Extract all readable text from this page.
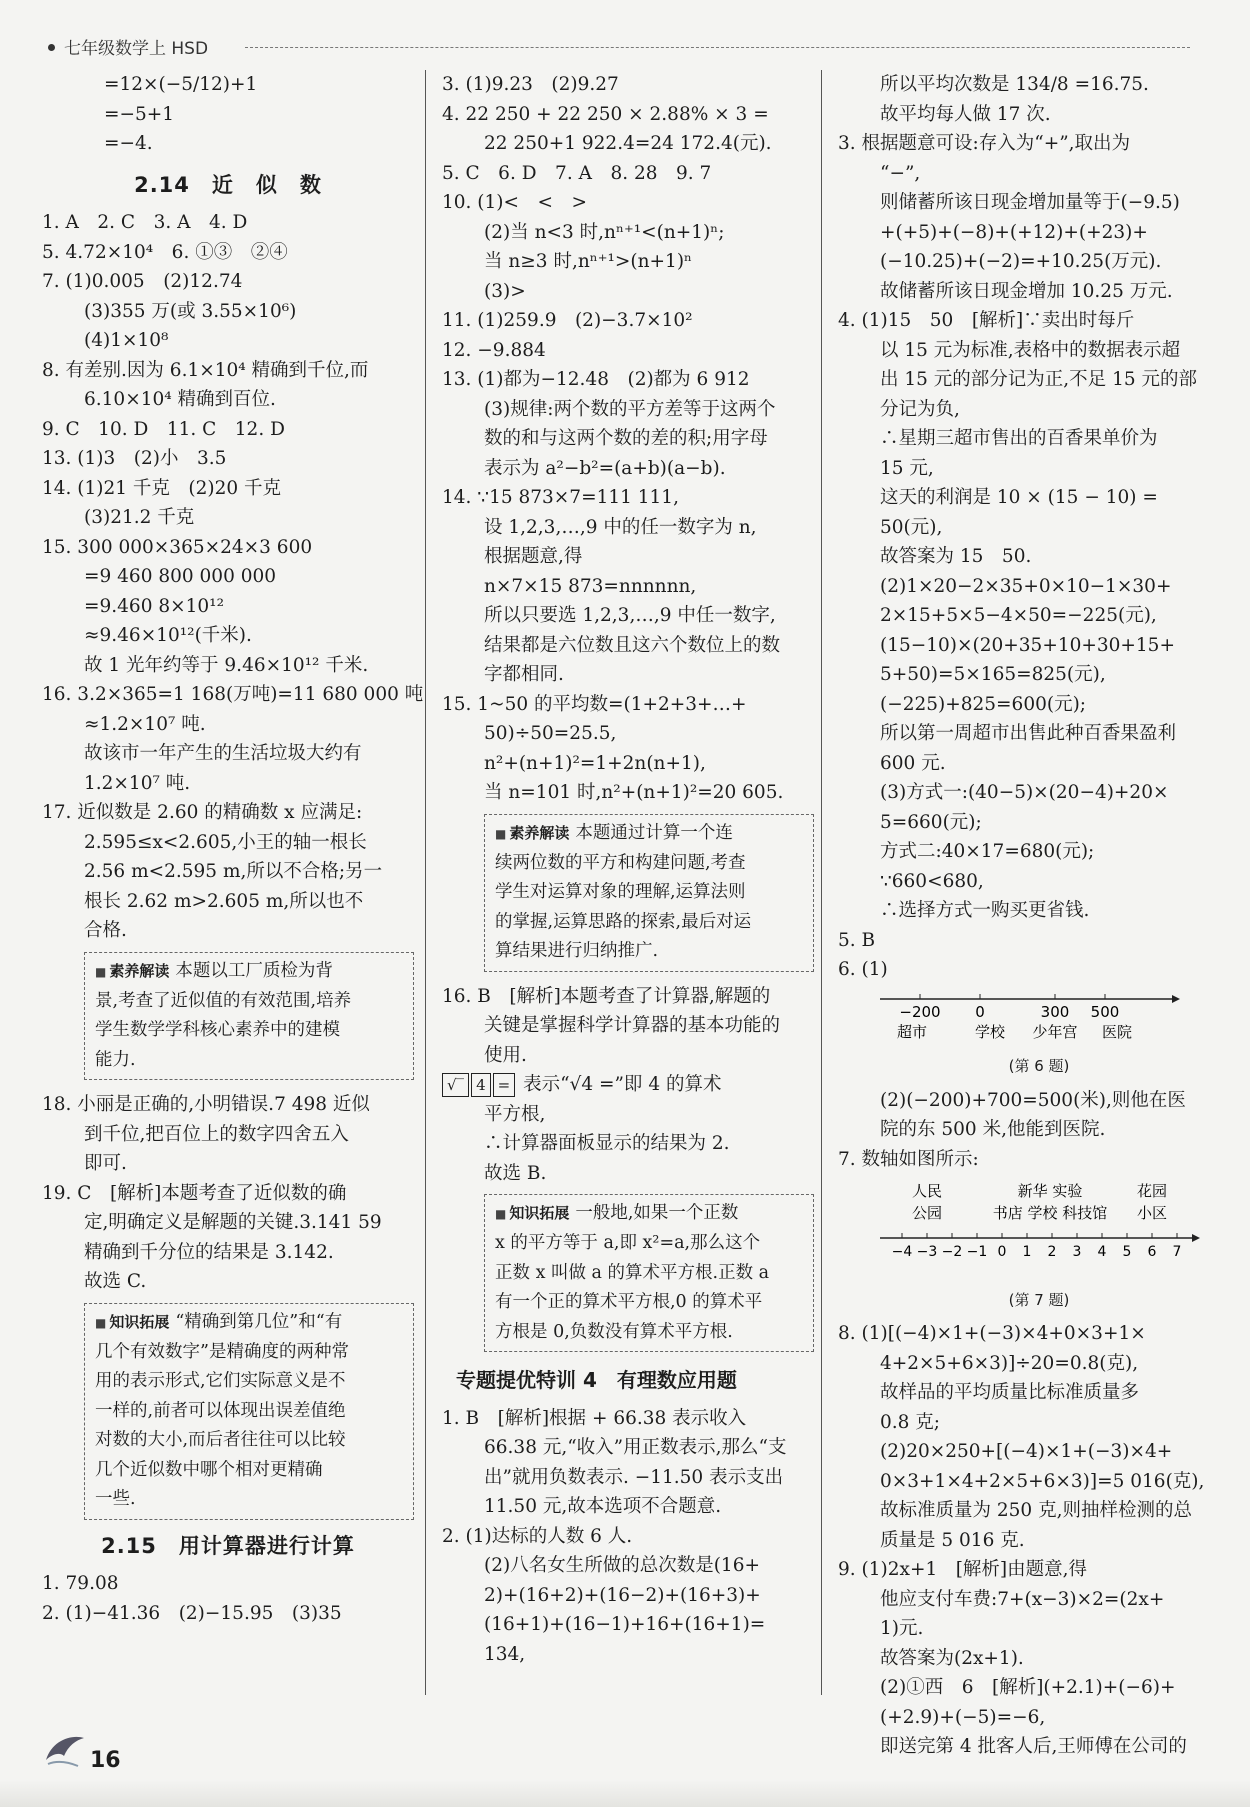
七年级数学上 HSD
=12×(−5/12)+1
=−5+1
=−4.
2.14　近　似　数
1. A　2. C　3. A　4. D
5. 4.72×10⁴　6. ①③　②④
7. (1)0.005　(2)12.74
(3)355 万(或 3.55×10⁶)
(4)1×10⁸
8. 有差别.因为 6.1×10⁴ 精确到千位,而
6.10×10⁴ 精确到百位.
9. C　10. D　11. C　12. D
13. (1)3　(2)小　3.5
14. (1)21 千克　(2)20 千克
(3)21.2 千克
15. 300 000×365×24×3 600
=9 460 800 000 000
=9.460 8×10¹²
≈9.46×10¹²(千米).
故 1 光年约等于 9.46×10¹² 千米.
16. 3.2×365=1 168(万吨)=11 680 000 吨
≈1.2×10⁷ 吨.
故该市一年产生的生活垃圾大约有
1.2×10⁷ 吨.
17. 近似数是 2.60 的精确数 x 应满足:
2.595≤x<2.605,小王的轴一根长
2.56 m<2.595 m,所以不合格;另一
根长 2.62 m>2.605 m,所以也不
合格.
■ 素养解读 本题以工厂质检为背
景,考查了近似值的有效范围,培养
学生数学学科核心素养中的建模
能力.
18. 小丽是正确的,小明错误.7 498 近似
到千位,把百位上的数字四舍五入
即可.
19. C　[解析]本题考查了近似数的确
定,明确定义是解题的关键.3.141 59
精确到千分位的结果是 3.142.
故选 C.
■ 知识拓展 “精确到第几位”和“有
几个有效数字”是精确度的两种常
用的表示形式,它们实际意义是不
一样的,前者可以体现出误差值绝
对数的大小,而后者往往可以比较
几个近似数中哪个相对更精确
一些.
2.15　用计算器进行计算
1. 79.08
2. (1)−41.36　(2)−15.95　(3)35
3. (1)9.23　(2)9.27
4. 22 250 + 22 250 × 2.88% × 3 =
22 250+1 922.4=24 172.4(元).
5. C　6. D　7. A　8. 28　9. 7
10. (1)<　<　>
(2)当 n<3 时,nⁿ⁺¹<(n+1)ⁿ;
当 n≥3 时,nⁿ⁺¹>(n+1)ⁿ
(3)>
11. (1)259.9　(2)−3.7×10²
12. −9.884
13. (1)都为−12.48　(2)都为 6 912
(3)规律:两个数的平方差等于这两个
数的和与这两个数的差的积;用字母
表示为 a²−b²=(a+b)(a−b).
14. ∵15 873×7=111 111,
设 1,2,3,…,9 中的任一数字为 n,
根据题意,得
n×7×15 873=nnnnnn,
所以只要选 1,2,3,…,9 中任一数字,
结果都是六位数且这六个数位上的数
字都相同.
15. 1~50 的平均数=(1+2+3+…+
50)÷50=25.5,
n²+(n+1)²=1+2n(n+1),
当 n=101 时,n²+(n+1)²=20 605.
■ 素养解读 本题通过计算一个连
续两位数的平方和构建问题,考查
学生对运算对象的理解,运算法则
的掌握,运算思路的探索,最后对运
算结果进行归纳推广.
16. B　[解析]本题考查了计算器,解题的
关键是掌握科学计算器的基本功能的
使用.
√‾ 4 = 表示“√4 =”即 4 的算术
平方根,
∴计算器面板显示的结果为 2.
故选 B.
■ 知识拓展 一般地,如果一个正数
x 的平方等于 a,即 x²=a,那么这个
正数 x 叫做 a 的算术平方根.正数 a
有一个正的算术平方根,0 的算术平
方根是 0,负数没有算术平方根.
专题提优特训 4　有理数应用题
1. B　[解析]根据 + 66.38 表示收入
66.38 元,“收入”用正数表示,那么“支
出”就用负数表示. −11.50 表示支出
11.50 元,故本选项不合题意.
2. (1)达标的人数 6 人.
(2)八名女生所做的总次数是(16+
2)+(16+2)+(16−2)+(16+3)+
(16+1)+(16−1)+16+(16+1)=
134,
所以平均次数是 134/8 =16.75.
故平均每人做 17 次.
3. 根据题意可设:存入为“+”,取出为
“−”,
则储蓄所该日现金增加量等于(−9.5)
+(+5)+(−8)+(+12)+(+23)+
(−10.25)+(−2)=+10.25(万元).
故储蓄所该日现金增加 10.25 万元.
4. (1)15　50　[解析]∵卖出时每斤
以 15 元为标准,表格中的数据表示超
出 15 元的部分记为正,不足 15 元的部
分记为负,
∴星期三超市售出的百香果单价为
15 元,
这天的利润是 10 × (15 − 10) =
50(元),
故答案为 15　50.
(2)1×20−2×35+0×10−1×30+
2×15+5×5−4×50=−225(元),
(15−10)×(20+35+10+30+15+
5+50)=5×165=825(元),
(−225)+825=600(元);
所以第一周超市出售此种百香果盈利
600 元.
(3)方式一:(40−5)×(20−4)+20×
5=660(元);
方式二:40×17=680(元);
∵660<680,
∴选择方式一购买更省钱.
5. B
6. (1)
−200
超市
0
学校
300
少年宫
500
医院
(第 6 题)
(2)(−200)+700=500(米),则他在医
院的东 500 米,他能到医院.
7. 数轴如图所示:
人民
公园
新华 实验
书店 学校 科技馆
花园
小区
−4 −3 −2 −1 0 1 2 3 4 5 6 7
(第 7 题)
8. (1)[(−4)×1+(−3)×4+0×3+1×
4+2×5+6×3)]÷20=0.8(克),
故样品的平均质量比标准质量多
0.8 克;
(2)20×250+[(−4)×1+(−3)×4+
0×3+1×4+2×5+6×3)]=5 016(克),
故标准质量为 250 克,则抽样检测的总
质量是 5 016 克.
9. (1)2x+1　[解析]由题意,得
他应支付车费:7+(x−3)×2=(2x+
1)元.
故答案为(2x+1).
(2)①西　6　[解析](+2.1)+(−6)+
(+2.9)+(−5)=−6,
即送完第 4 批客人后,王师傅在公司的
16
